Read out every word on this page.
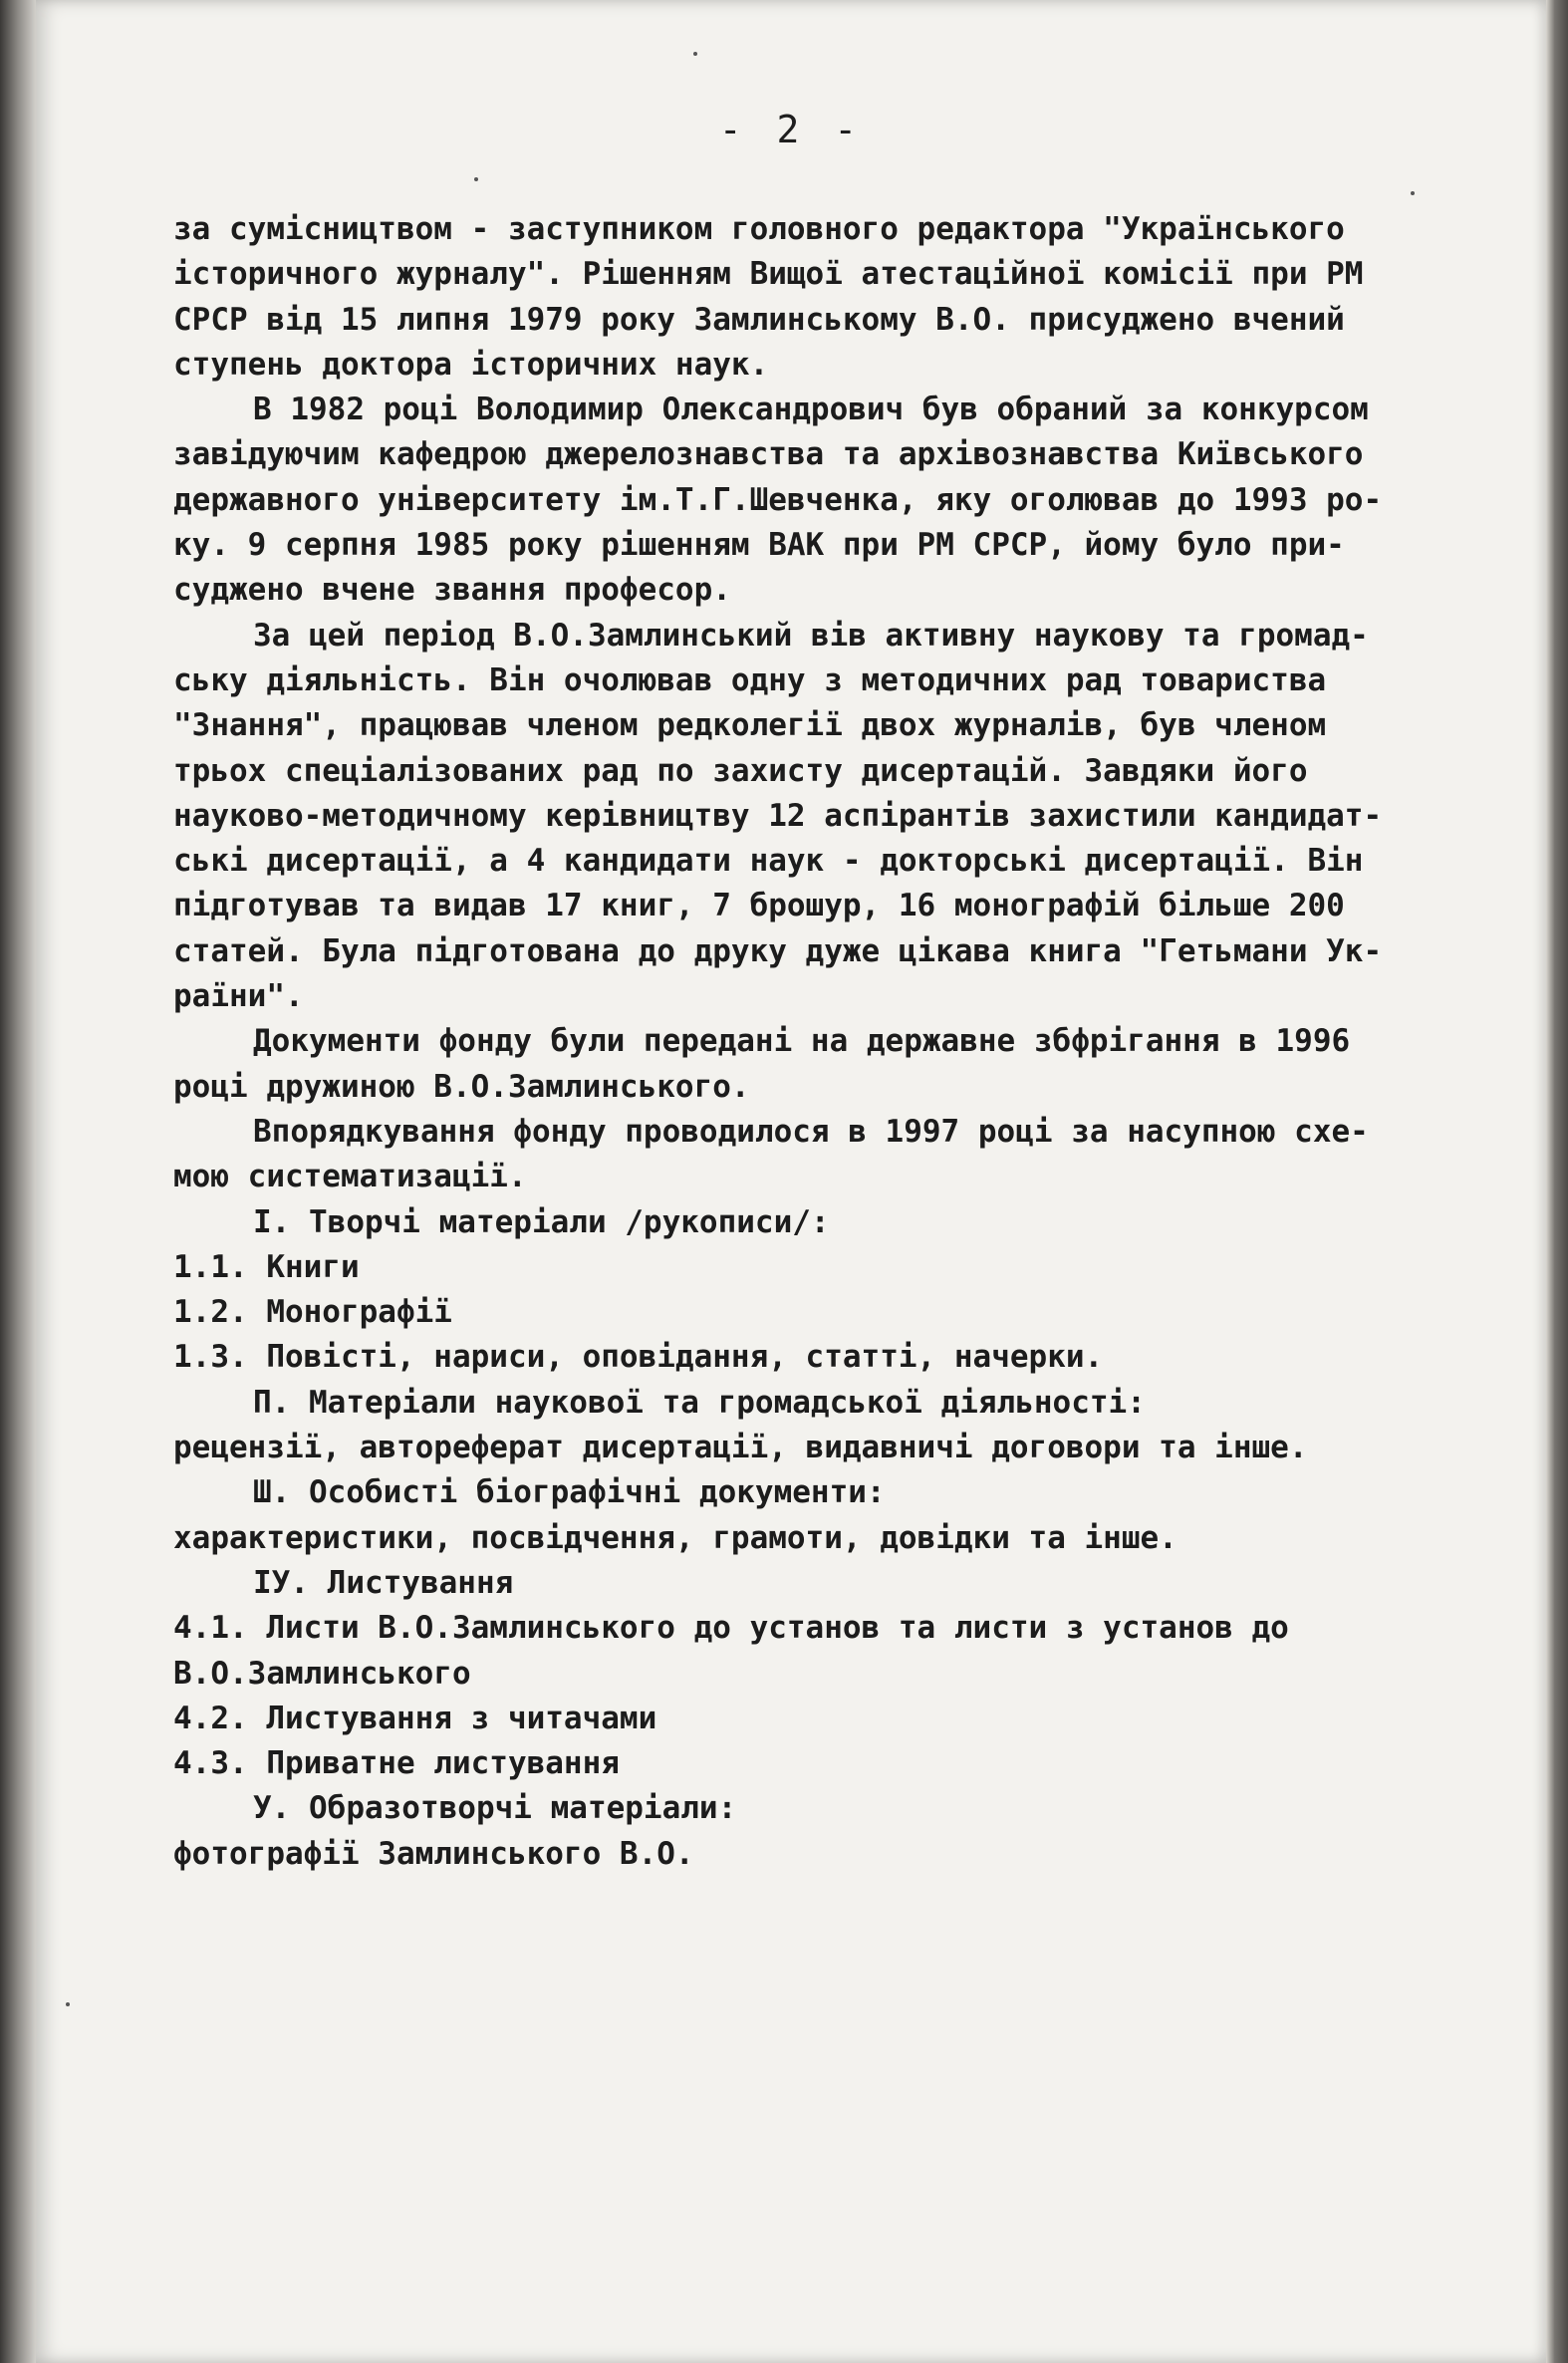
- 2 -
за сумісництвом - заступником головного редактора "Українського
історичного журналу". Рішенням Вищої атестаційної комісії при РМ
СРСР від 15 липня 1979 року Замлинському В.О. присуджено вчений
ступень доктора історичних наук.
В 1982 році Володимир Олександрович був обраний за конкурсом
завідуючим кафедрою джерелознавства та архівознавства Київського
державного університету ім.Т.Г.Шевченка, яку оголював до 1993 ро-
ку. 9 серпня 1985 року рішенням ВАК при РМ СРСР, йому було при-
суджено вчене звання професор.
За цей період В.О.Замлинський вів активну наукову та громад-
ську діяльність. Він очолював одну з методичних рад товариства
"Знання", працював членом редколегії двох журналів, був членом
трьох спеціалізованих рад по захисту дисертацій. Завдяки його
науково-методичному керівництву 12 аспірантів захистили кандидат-
ські дисертації, а 4 кандидати наук - докторські дисертації. Він
підготував та видав 17 книг, 7 брошур, 16 монографій більше 200
статей. Була підготована до друку дуже цікава книга "Гетьмани Ук-
раїни".
Документи фонду були передані на державне збфрігання в 1996
році дружиною В.О.Замлинського.
Впорядкування фонду проводилося в 1997 році за насупною схе-
мою систематизації.
І. Творчі матеріали /рукописи/:
1.1. Книги
1.2. Монографії
1.3. Повісті, нариси, оповідання, статті, начерки.
П. Матеріали наукової та громадської діяльності:
рецензії, автореферат дисертації, видавничі договори та інше.
Ш. Особисті біографічні документи:
характеристики, посвідчення, грамоти, довідки та інше.
ІУ. Листування
4.1. Листи В.О.Замлинського до установ та листи з установ до
В.О.Замлинського
4.2. Листування з читачами
4.3. Приватне листування
У. Образотворчі матеріали:
фотографії Замлинського В.О.
